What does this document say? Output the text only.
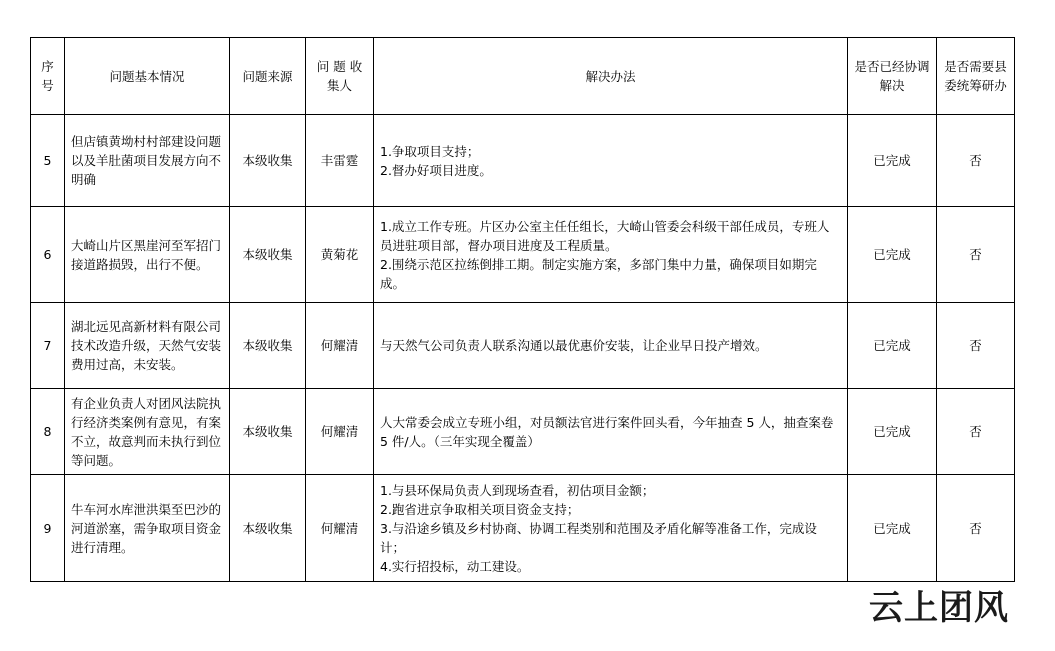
序号	问题基本情况	问题来源	问 题 收集人	解决办法	是否已经协调解决	是否需要县 委统筹研办
5	但店镇黄坳村村部建设问题以及羊肚菌项目发展方向不明确	本级收集	丰雷霆	1.争取项目支持；
2.督办好项目进度。	已完成	否
6	大崎山片区黑崖河至军招门接道路损毁，出行不便。	本级收集	黄菊花	1.成立工作专班。片区办公室主任任组长，大崎山管委会科级干部任成员，专班人员进驻项目部，督办项目进度及工程质量。
2.围绕示范区拉练倒排工期。制定实施方案，多部门集中力量，确保项目如期完成。	已完成	否
7	湖北远见高新材料有限公司技术改造升级，天然气安装费用过高，未安装。	本级收集	何耀清	与天然气公司负责人联系沟通以最优惠价安装，让企业早日投产增效。	已完成	否
8	有企业负责人对团风法院执行经济类案例有意见，有案不立，故意判而未执行到位等问题。	本级收集	何耀清	人大常委会成立专班小组，对员额法官进行案件回头看，今年抽查 5 人，抽查案卷 5 件/人。（三年实现全覆盖）	已完成	否
9	牛车河水库泄洪渠至巴沙的河道淤塞，需争取项目资金进行清理。	本级收集	何耀清	1.与县环保局负责人到现场查看，初估项目金额；
2.跑省进京争取相关项目资金支持；
3.与沿途乡镇及乡村协商、协调工程类别和范围及矛盾化解等准备工作，完成设计；
4.实行招投标，动工建设。	已完成	否
云上团风
